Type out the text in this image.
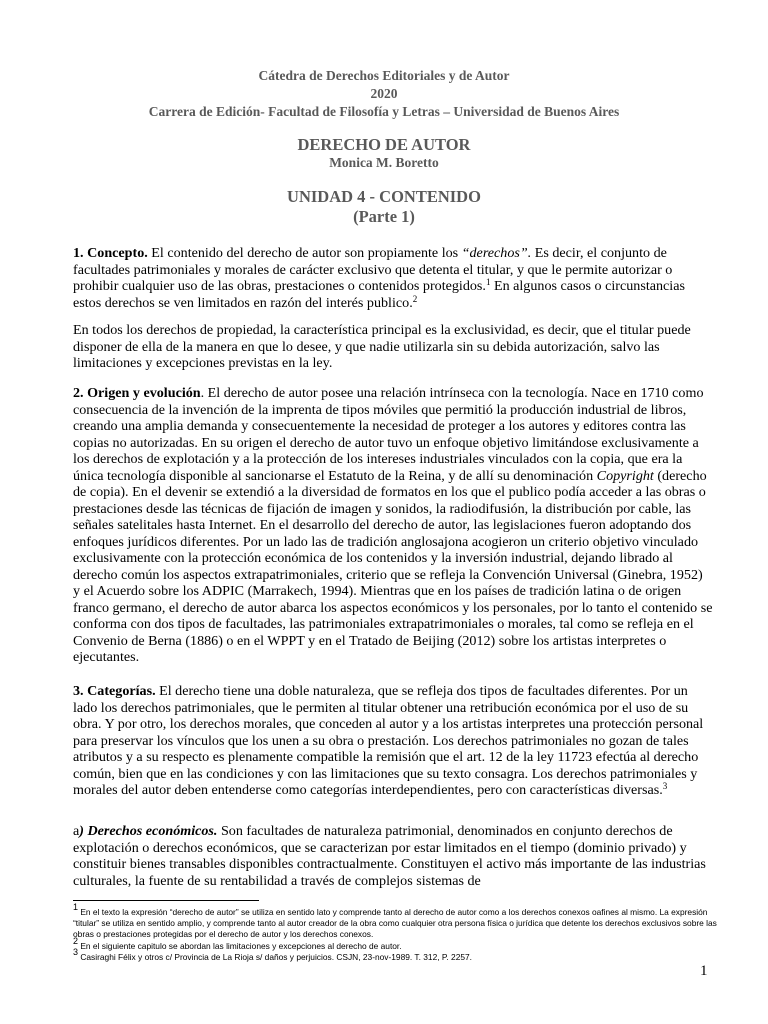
Cátedra de Derechos Editoriales y de Autor

2020

Carrera de Edición- Facultad de Filosofía y Letras – Universidad de Buenos Aires

DERECHO DE AUTOR

Monica M. Boretto

UNIDAD 4 - CONTENIDO

(Parte 1)

1. Concepto. El contenido del derecho de autor son propiamente los “derechos”. Es decir, el conjunto de facultades patrimoniales y morales de carácter exclusivo que detenta el titular, y que le permite autorizar o prohibir cualquier uso de las obras, prestaciones o contenidos protegidos.$^1$ En algunos casos o circunstancias estos derechos se ven limitados en razón del interés publico.$^2$

En todos los derechos de propiedad, la característica principal es la exclusividad, es decir, que el titular puede disponer de ella de la manera en que lo desee, y que nadie utilizarla sin su debida autorización, salvo las limitaciones y excepciones previstas en la ley.

2. Origen y evolución. El derecho de autor posee una relación intrínseca con la tecnología. Nace en 1710 como consecuencia de la invención de la imprenta de tipos móviles que permitió la producción industrial de libros, creando una amplia demanda y consecuentemente la necesidad de proteger a los autores y editores contra las copias no autorizadas. En su origen el derecho de autor tuvo un enfoque objetivo limitándose exclusivamente a los derechos de explotación y a la protección de los intereses industriales vinculados con la copia, que era la única tecnología disponible al sancionarse el Estatuto de la Reina, y de allí su denominación Copyright (derecho de copia). En el devenir se extendió a la diversidad de formatos en los que el publico podía acceder a las obras o prestaciones desde las técnicas de fijación de imagen y sonidos, la radiodifusión, la distribución por cable, las señales satelitales hasta Internet. En el desarrollo del derecho de autor, las legislaciones fueron adoptando dos enfoques jurídicos diferentes. Por un lado las de tradición anglosajona acogieron un criterio objetivo vinculado exclusivamente con la protección económica de los contenidos y la inversión industrial, dejando librado al derecho común los aspectos extrapatrimoniales, criterio que se refleja la Convención Universal (Ginebra, 1952) y el Acuerdo sobre los ADPIC (Marrakech, 1994). Mientras que en los países de tradición latina o de origen franco germano, el derecho de autor abarca los aspectos económicos y los personales, por lo tanto el contenido se conforma con dos tipos de facultades, las patrimoniales extrapatrimoniales o morales, tal como se refleja en el Convenio de Berna (1886) o en el WPPT y en el Tratado de Beijing (2012) sobre los artistas interpretes o ejecutantes.

3. Categorías. El derecho tiene una doble naturaleza, que se refleja dos tipos de facultades diferentes. Por un lado los derechos patrimoniales, que le permiten al titular obtener una retribución económica por el uso de su obra. Y por otro, los derechos morales, que conceden al autor y a los artistas interpretes una protección personal para preservar los vínculos que los unen a su obra o prestación. Los derechos patrimoniales no gozan de tales atributos y a su respecto es plenamente compatible la remisión que el art. 12 de la ley 11723 efectúa al derecho común, bien que en las condiciones y con las limitaciones que su texto consagra. Los derechos patrimoniales y morales del autor deben entenderse como categorías interdependientes, pero con características diversas.$^3$

a) Derechos económicos. Son facultades de naturaleza patrimonial, denominados en conjunto derechos de explotación o derechos económicos, que se caracterizan por estar limitados en el tiempo (dominio privado) y constituir bienes transables disponibles contractualmente. Constituyen el activo más importante de las industrias culturales, la fuente de su rentabilidad a través de complejos sistemas de

$^1$ En el texto la expresión “derecho de autor” se utiliza en sentido lato y comprende tanto al derecho de autor como a los derechos conexos oafines al mismo. La expresión “titular” se utiliza en sentido amplio, y comprende tanto al autor creador de la obra como cualquier otra persona física o jurídica que detente los derechos exclusivos sobre las obras o prestaciones protegidas por el derecho de autor y los derechos conexos.

$^2$ En el siguiente capitulo se abordan las limitaciones y excepciones al derecho de autor.

$^3$ Casiraghi Félix y otros c/ Provincia de La Rioja s/ daños y perjuicios. CSJN, 23-nov-1989. T. 312, P. 2257.

1
